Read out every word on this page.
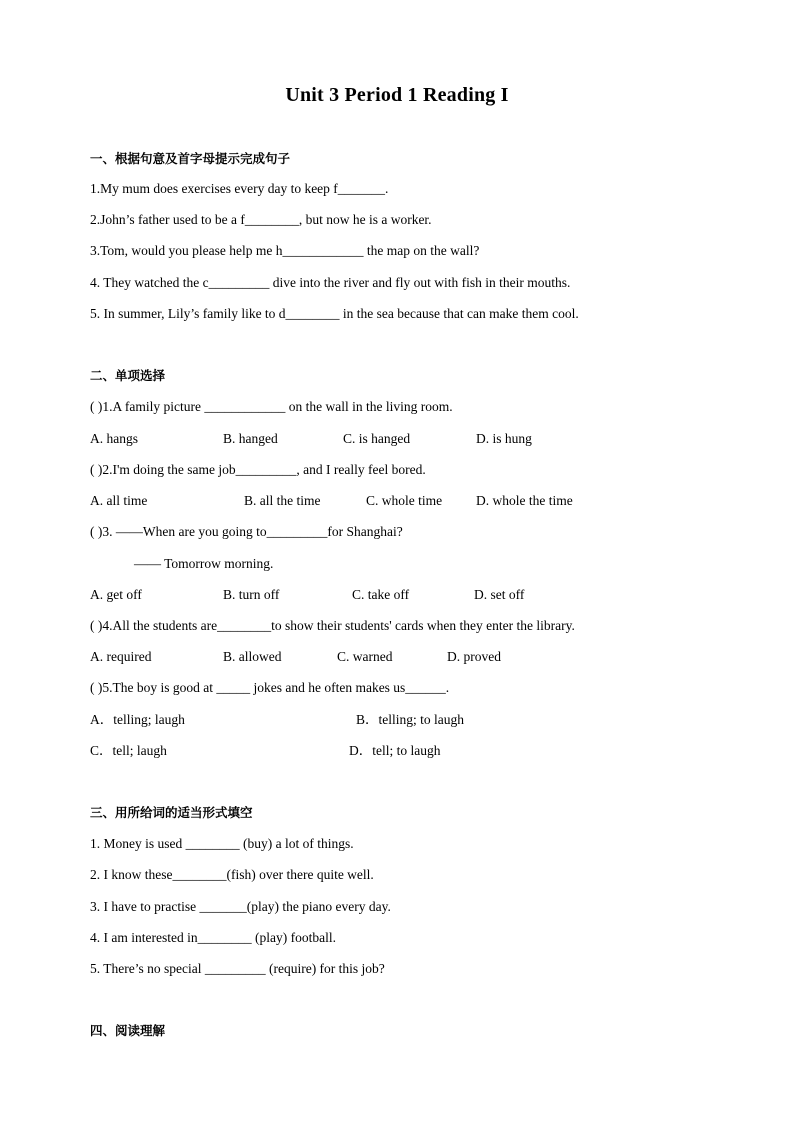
Unit 3 Period 1 Reading I
一、根据句意及首字母提示完成句子
1.My mum does exercises every day to keep f_______.
2.John’s father used to be a f________, but now he is a worker.
3.Tom, would you please help me h____________ the map on the wall?
4. They watched the c_________ dive into the river and fly out with fish in their mouths.
5. In summer, Lily’s family like to d________ in the sea because that can make them cool.
二、单项选择
( )1.A family picture ____________ on the wall in the living room.
A. hangs	B. hanged	C. is hanged	D. is hung
( )2.I'm doing the same job_________, and I really feel bored.
A. all time	B. all the time	C. whole time	D. whole the time
( )3. ——When are you going to_________for Shanghai?
—— Tomorrow morning.
A. get off	B. turn off	C. take off	D. set off
( )4.All the students are________to show their students' cards when they enter the library.
A. required	B. allowed	C. warned	D. proved
( )5.The boy is good at _____ jokes and he often makes us______.
A．telling; laugh	B．telling; to laugh
C．tell; laugh	D．tell; to laugh
三、用所给词的适当形式填空
1. Money is used ________ (buy) a lot of things.
2. I know these________(fish) over there quite well.
3. I have to practise _______(play) the piano every day.
4. I am interested in________ (play) football.
5. There’s no special _________ (require) for this job?
四、阅读理解
